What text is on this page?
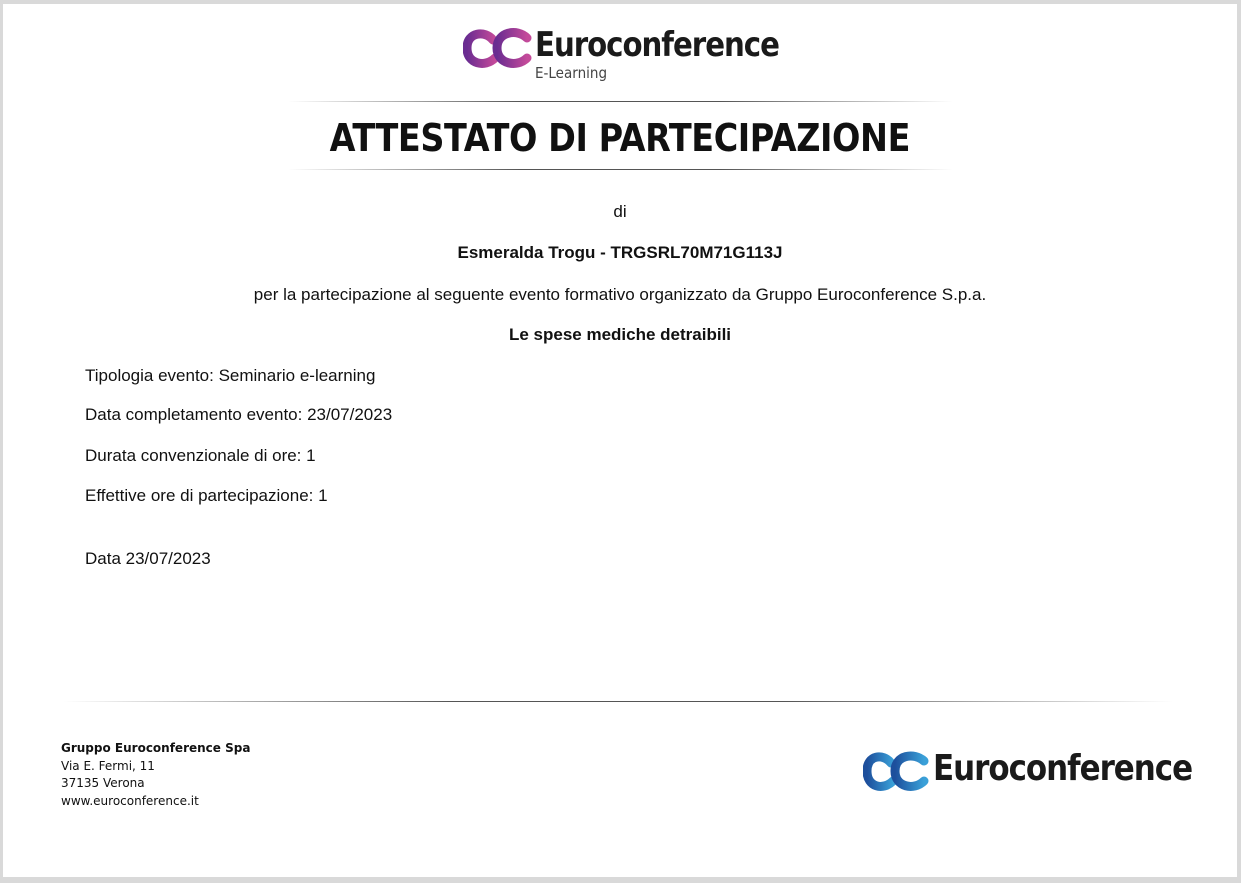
Euroconference
E-Learning
ATTESTATO DI PARTECIPAZIONE
di
Esmeralda Trogu - TRGSRL70M71G113J
per la partecipazione al seguente evento formativo organizzato da Gruppo Euroconference S.p.a.
Le spese mediche detraibili
Tipologia evento: Seminario e-learning
Data completamento evento: 23/07/2023
Durata convenzionale di ore: 1
Effettive ore di partecipazione: 1
Data 23/07/2023
Gruppo Euroconference Spa
Via E. Fermi, 11
37135 Verona
www.euroconference.it
Euroconference
